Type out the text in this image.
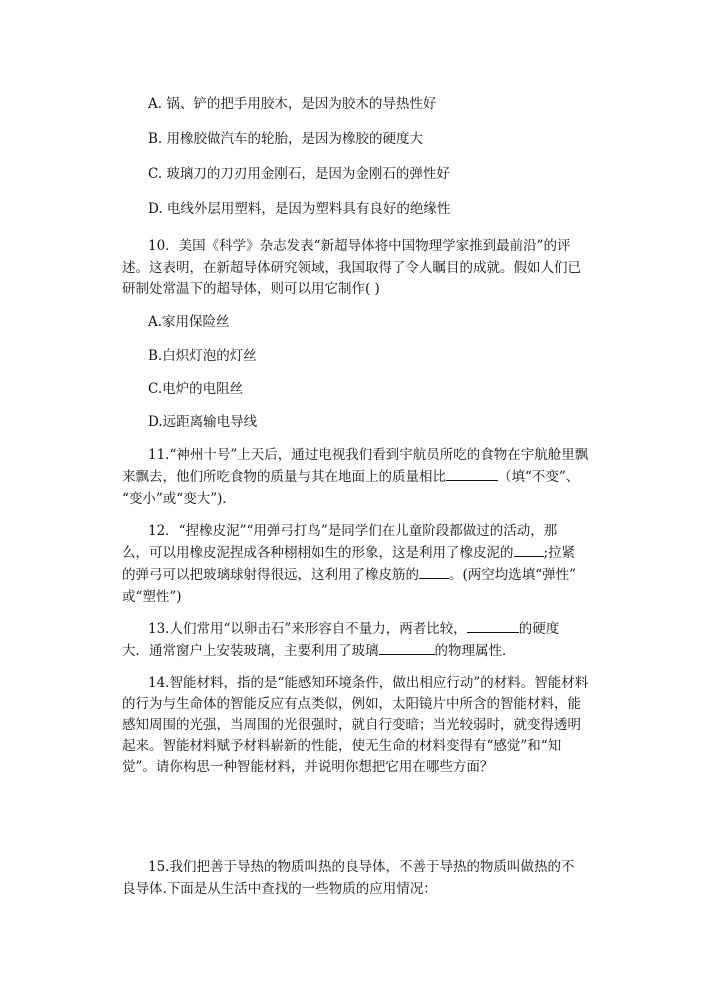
A. 锅、铲的把手用胶木，是因为胶木的导热性好
B. 用橡胶做汽车的轮胎，是因为橡胶的硬度大
C. 玻璃刀的刀刃用金刚石，是因为金刚石的弹性好
D. 电线外层用塑料，是因为塑料具有良好的绝缘性
10．美国《科学》杂志发表“新超导体将中国物理学家推到最前沿”的评
述。这表明，在新超导体研究领域，我国取得了令人瞩目的成就。假如人们已
研制处常温下的超导体，则可以用它制作( )
A.家用保险丝
B.白炽灯泡的灯丝
C.电炉的电阻丝
D.远距离输电导线
11.“神州十号”上天后，通过电视我们看到宇航员所吃的食物在宇航舱里飘
来飘去，他们所吃食物的质量与其在地面上的质量相比	（填“不变”、
“变小”或“变大”)．
12．“捏橡皮泥”“用弹弓打鸟”是同学们在儿童阶段都做过的活动，那
么，可以用橡皮泥捏成各种栩栩如生的形象，这是利用了橡皮泥的 ;拉紧
的弹弓可以把玻璃球射得很远，这利用了橡皮筋的 。(两空均选填“弹性”
或“塑性”)
13.人们常用“以卵击石”来形容自不量力，两者比较，	的硬度
大．通常窗户上安装玻璃，主要利用了玻璃	的物理属性．
14.智能材料，指的是“能感知环境条件，做出相应行动”的材料。智能材料
的行为与生命体的智能反应有点类似，例如，太阳镜片中所含的智能材料，能
感知周围的光强，当周围的光很强时，就自行变暗；当光较弱时，就变得透明
起来。智能材料赋予材料崭新的性能，使无生命的材料变得有“感觉”和“知
觉”。请你构思一种智能材料，并说明你想把它用在哪些方面？
15.我们把善于导热的物质叫热的良导体，不善于导热的物质叫做热的不
良导体.下面是从生活中查找的一些物质的应用情况：
